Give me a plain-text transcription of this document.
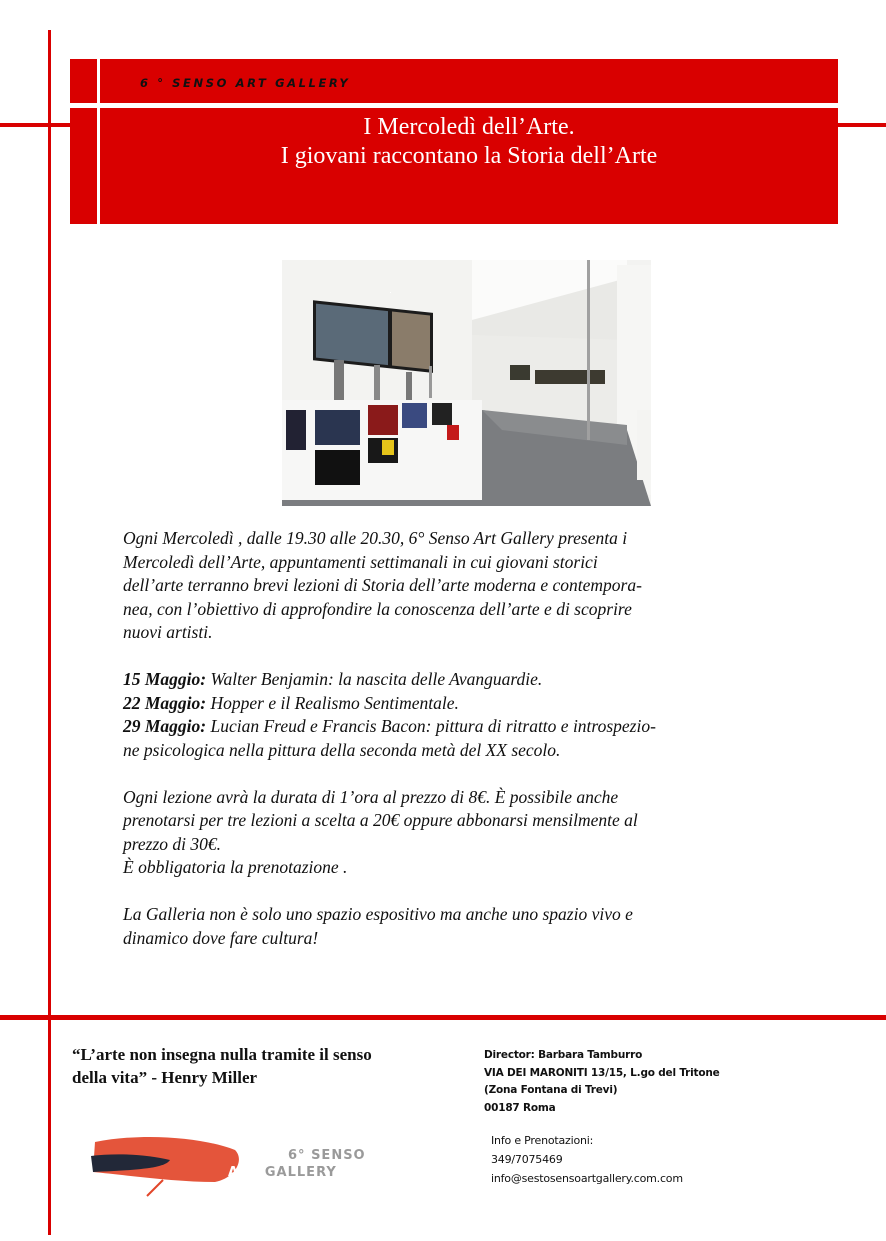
6 ° SENSO ART GALLERY
I Mercoledì dell’Arte.
I giovani raccontano la Storia dell’Arte

Ogni Mercoledì , dalle 19.30 alle 20.30, 6° Senso Art Gallery presenta i

Mercoledì dell’Arte, appuntamenti settimanali in cui giovani storici

dell’arte terranno brevi lezioni di Storia dell’arte moderna e contempora-

nea, con l’obiettivo di approfondire la conoscenza dell’arte e di scoprire

nuovi artisti.

15 Maggio: Walter Benjamin: la nascita delle Avanguardie.

22 Maggio: Hopper e il Realismo Sentimentale.

29 Maggio: Lucian Freud e Francis Bacon: pittura di ritratto e introspezio-

ne psicologica nella pittura della seconda metà del XX secolo.

Ogni lezione avrà la durata di 1’ora al prezzo di 8€. È possibile anche

prenotarsi per tre lezioni a scelta a 20€ oppure abbonarsi mensilmente al

prezzo di 30€.

È obbligatoria la prenotazione .

La Galleria non è solo uno spazio espositivo ma anche uno spazio vivo e

dinamico dove fare cultura!

“L’arte non insegna nulla tramite il senso
della vita” - Henry Miller
Director: Barbara Tamburro
VIA DEI MARONITI 13/15, L.go del Tritone
(Zona Fontana di Trevi)
00187 Roma
Info e Prenotazioni:
349/7075469
info@sestosensoartgallery.com.com
6° SENSO
ART GALLERY
